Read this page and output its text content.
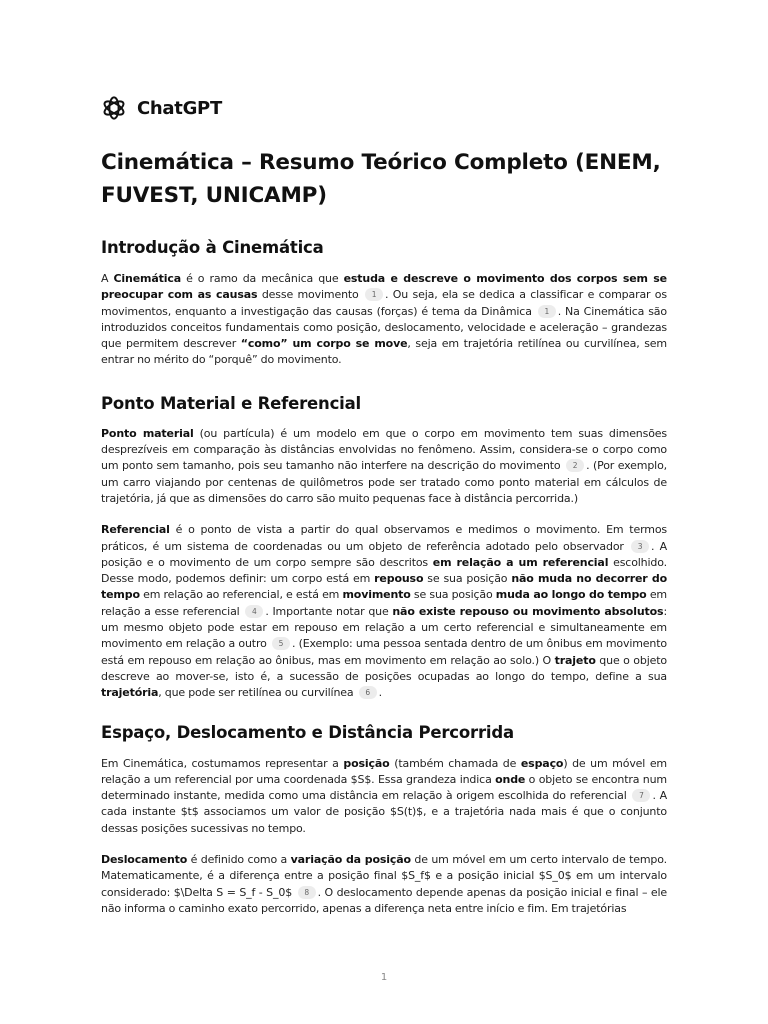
ChatGPT
Cinemática – Resumo Teórico Completo (ENEM, FUVEST, UNICAMP)
Introdução à Cinemática

A Cinemática é o ramo da mecânica que estuda e descreve o movimento dos corpos sem se preocupar com as causas desse movimento 1 . Ou seja, ela se dedica a classificar e comparar os movimentos, enquanto a investigação das causas (forças) é tema da Dinâmica 1 . Na Cinemática são introduzidos conceitos fundamentais como posição, deslocamento, velocidade e aceleração – grandezas que permitem descrever “como” um corpo se move, seja em trajetória retilínea ou curvilínea, sem entrar no mérito do “porquê” do movimento.

Ponto Material e Referencial

Ponto material (ou partícula) é um modelo em que o corpo em movimento tem suas dimensões desprezíveis em comparação às distâncias envolvidas no fenômeno. Assim, considera-se o corpo como um ponto sem tamanho, pois seu tamanho não interfere na descrição do movimento 2 . (Por exemplo, um carro viajando por centenas de quilômetros pode ser tratado como ponto material em cálculos de trajetória, já que as dimensões do carro são muito pequenas face à distância percorrida.)

Referencial é o ponto de vista a partir do qual observamos e medimos o movimento. Em termos práticos, é um sistema de coordenadas ou um objeto de referência adotado pelo observador 3 . A posição e o movimento de um corpo sempre são descritos em relação a um referencial escolhido. Desse modo, podemos definir: um corpo está em repouso se sua posição não muda no decorrer do tempo em relação ao referencial, e está em movimento se sua posição muda ao longo do tempo em relação a esse referencial 4 . Importante notar que não existe repouso ou movimento absolutos: um mesmo objeto pode estar em repouso em relação a um certo referencial e simultaneamente em movimento em relação a outro 5 . (Exemplo: uma pessoa sentada dentro de um ônibus em movimento está em repouso em relação ao ônibus, mas em movimento em relação ao solo.) O trajeto que o objeto descreve ao mover-se, isto é, a sucessão de posições ocupadas ao longo do tempo, define a sua trajetória, que pode ser retilínea ou curvilínea 6 .

Espaço, Deslocamento e Distância Percorrida

Em Cinemática, costumamos representar a posição (também chamada de espaço) de um móvel em relação a um referencial por uma coordenada $S$. Essa grandeza indica onde o objeto se encontra num determinado instante, medida como uma distância em relação à origem escolhida do referencial 7 . A cada instante $t$ associamos um valor de posição $S(t)$, e a trajetória nada mais é que o conjunto dessas posições sucessivas no tempo.

Deslocamento é definido como a variação da posição de um móvel em um certo intervalo de tempo. Matematicamente, é a diferença entre a posição final $S_f$ e a posição inicial $S_0$ em um intervalo considerado: $\Delta S = S_f - S_0$ 8 . O deslocamento depende apenas da posição inicial e final – ele não informa o caminho exato percorrido, apenas a diferença neta entre início e fim. Em trajetórias

1
